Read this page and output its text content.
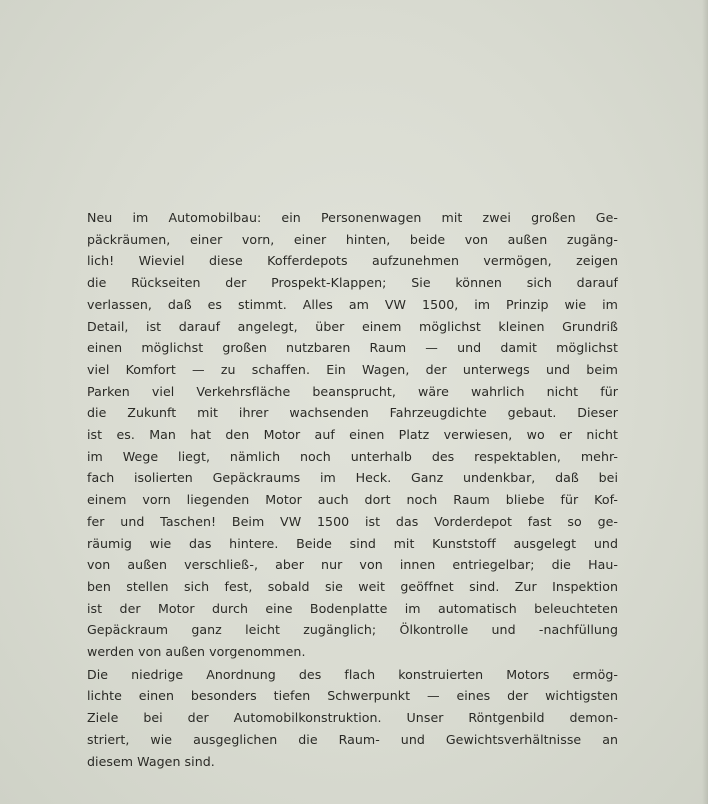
Neu im Automobilbau: ein Personenwagen mit zwei großen Ge-
päckräumen, einer vorn, einer hinten, beide von außen zugäng-
lich! Wieviel diese Kofferdepots aufzunehmen vermögen, zeigen
die Rückseiten der Prospekt-Klappen; Sie können sich darauf
verlassen, daß es stimmt. Alles am VW 1500, im Prinzip wie im
Detail, ist darauf angelegt, über einem möglichst kleinen Grundriß
einen möglichst großen nutzbaren Raum — und damit möglichst
viel Komfort — zu schaffen. Ein Wagen, der unterwegs und beim
Parken viel Verkehrsfläche beansprucht, wäre wahrlich nicht für
die Zukunft mit ihrer wachsenden Fahrzeugdichte gebaut. Dieser
ist es. Man hat den Motor auf einen Platz verwiesen, wo er nicht
im Wege liegt, nämlich noch unterhalb des respektablen, mehr-
fach isolierten Gepäckraums im Heck. Ganz undenkbar, daß bei
einem vorn liegenden Motor auch dort noch Raum bliebe für Kof-
fer und Taschen! Beim VW 1500 ist das Vorderdepot fast so ge-
räumig wie das hintere. Beide sind mit Kunststoff ausgelegt und
von außen verschließ-, aber nur von innen entriegelbar; die Hau-
ben stellen sich fest, sobald sie weit geöffnet sind. Zur Inspektion
ist der Motor durch eine Bodenplatte im automatisch beleuchteten
Gepäckraum ganz leicht zugänglich; Ölkontrolle und -nachfüllung
werden von außen vorgenommen.

Die niedrige Anordnung des flach konstruierten Motors ermög-
lichte einen besonders tiefen Schwerpunkt — eines der wichtigsten
Ziele bei der Automobilkonstruktion. Unser Röntgenbild demon-
striert, wie ausgeglichen die Raum- und Gewichtsverhältnisse an
diesem Wagen sind.
